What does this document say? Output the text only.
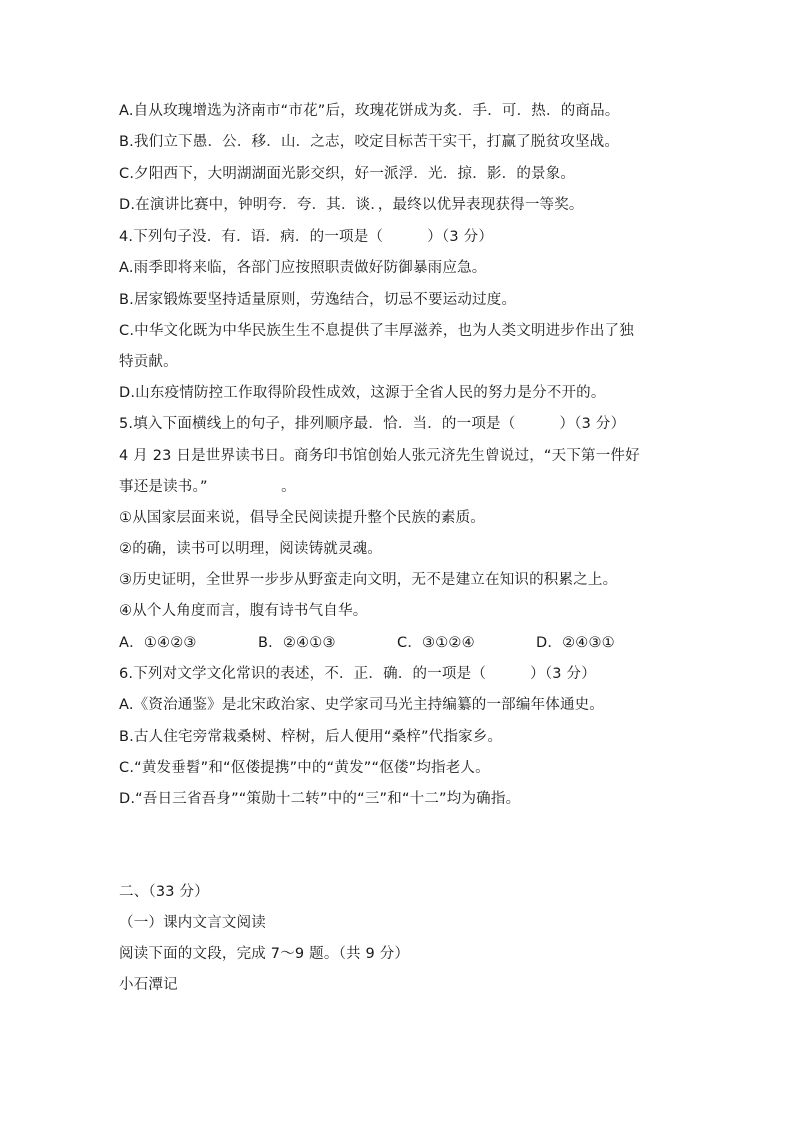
A.自从玫瑰增选为济南市“市花”后，玫瑰花饼成为炙．手．可．热．的商品。
B.我们立下愚．公．移．山．之志，咬定目标苦干实干，打赢了脱贫攻坚战。
C.夕阳西下，大明湖湖面光影交织，好一派浮．光．掠．影．的景象。
D.在演讲比赛中，钟明夸．夸．其．谈．，最终以优异表现获得一等奖。
4.下列句子没．有．语．病．的一项是（　　　）（3 分）
A.雨季即将来临，各部门应按照职责做好防御暴雨应急。
B.居家锻炼要坚持适量原则，劳逸结合，切忌不要运动过度。
C.中华文化既为中华民族生生不息提供了丰厚滋养，也为人类文明进步作出了独
特贡献。
D.山东疫情防控工作取得阶段性成效，这源于全省人民的努力是分不开的。
5.填入下面横线上的句子，排列顺序最．恰．当．的一项是（　　　）（3 分）
4 月 23 日是世界读书日。商务印书馆创始人张元济先生曾说过，“天下第一件好
事还是读书。”　　　　　。
①从国家层面来说，倡导全民阅读提升整个民族的素质。
②的确，读书可以明理，阅读铸就灵魂。
③历史证明，全世界一步步从野蛮走向文明，无不是建立在知识的积累之上。
④从个人角度而言，腹有诗书气自华。
A．①④②③	B．②④①③	C．③①②④	D．②④③①
6.下列对文学文化常识的表述，不．正．确．的一项是（　　　）（3 分）
A.《资治通鉴》是北宋政治家、史学家司马光主持编纂的一部编年体通史。
B.古人住宅旁常栽桑树、梓树，后人便用“桑梓”代指家乡。
C.“黄发垂髫”和“伛偻提携”中的“黄发”“伛偻”均指老人。
D.“吾日三省吾身”“策勋十二转”中的“三”和“十二”均为确指。
二、（33 分）
（一）课内文言文阅读
阅读下面的文段，完成 7～9 题。（共 9 分）
小石潭记
